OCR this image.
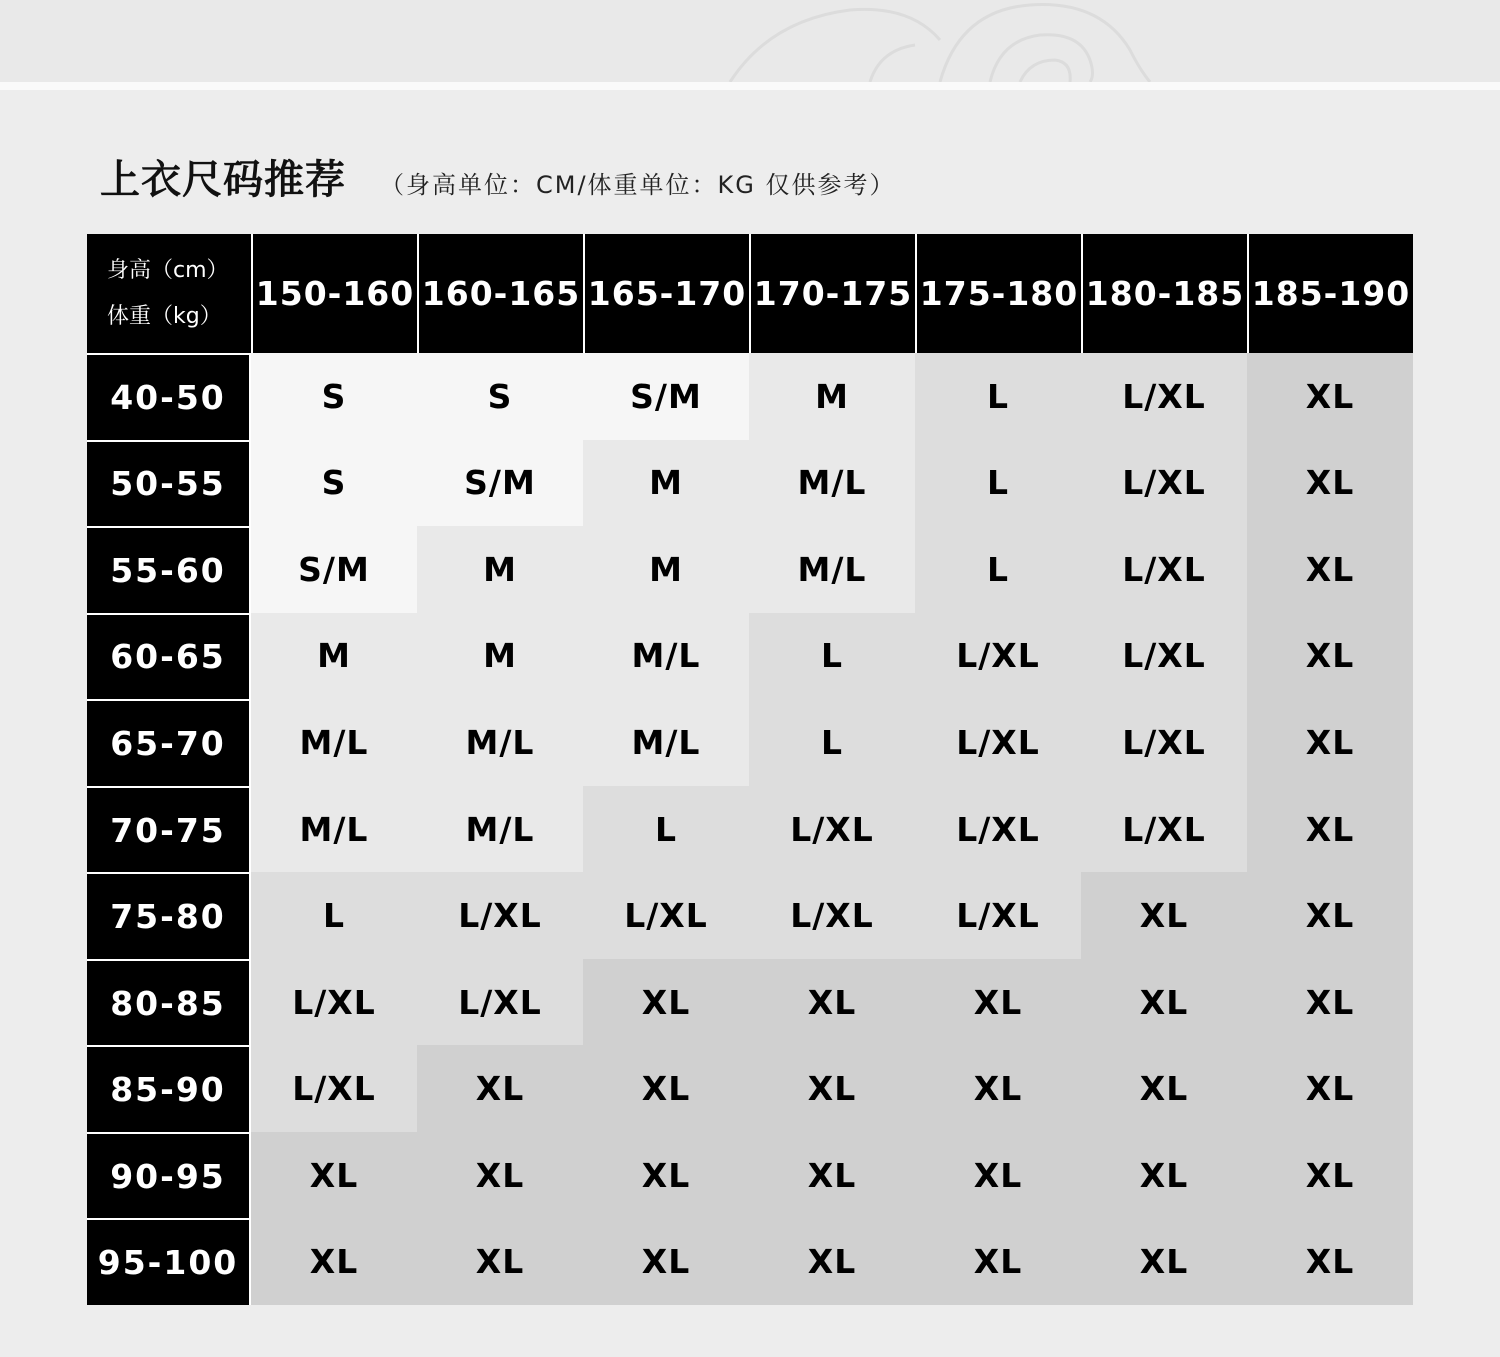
上衣尺码推荐 （身高单位：CM/体重单位：KG 仅供参考）
身高（cm）
体重（kg）
150-160 160-165 165-170 170-175 175-180 180-185 185-190
40-50	S	S	S/M	M	L	L/XL	XL
50-55	S	S/M	M	M/L	L	L/XL	XL
55-60	S/M	M	M	M/L	L	L/XL	XL
60-65	M	M	M/L	L	L/XL	L/XL	XL
65-70	M/L	M/L	M/L	L	L/XL	L/XL	XL
70-75	M/L	M/L	L	L/XL	L/XL	L/XL	XL
75-80	L	L/XL	L/XL	L/XL	L/XL	XL	XL
80-85	L/XL	L/XL	XL	XL	XL	XL	XL
85-90	L/XL	XL	XL	XL	XL	XL	XL
90-95	XL	XL	XL	XL	XL	XL	XL
95-100	XL	XL	XL	XL	XL	XL	XL
